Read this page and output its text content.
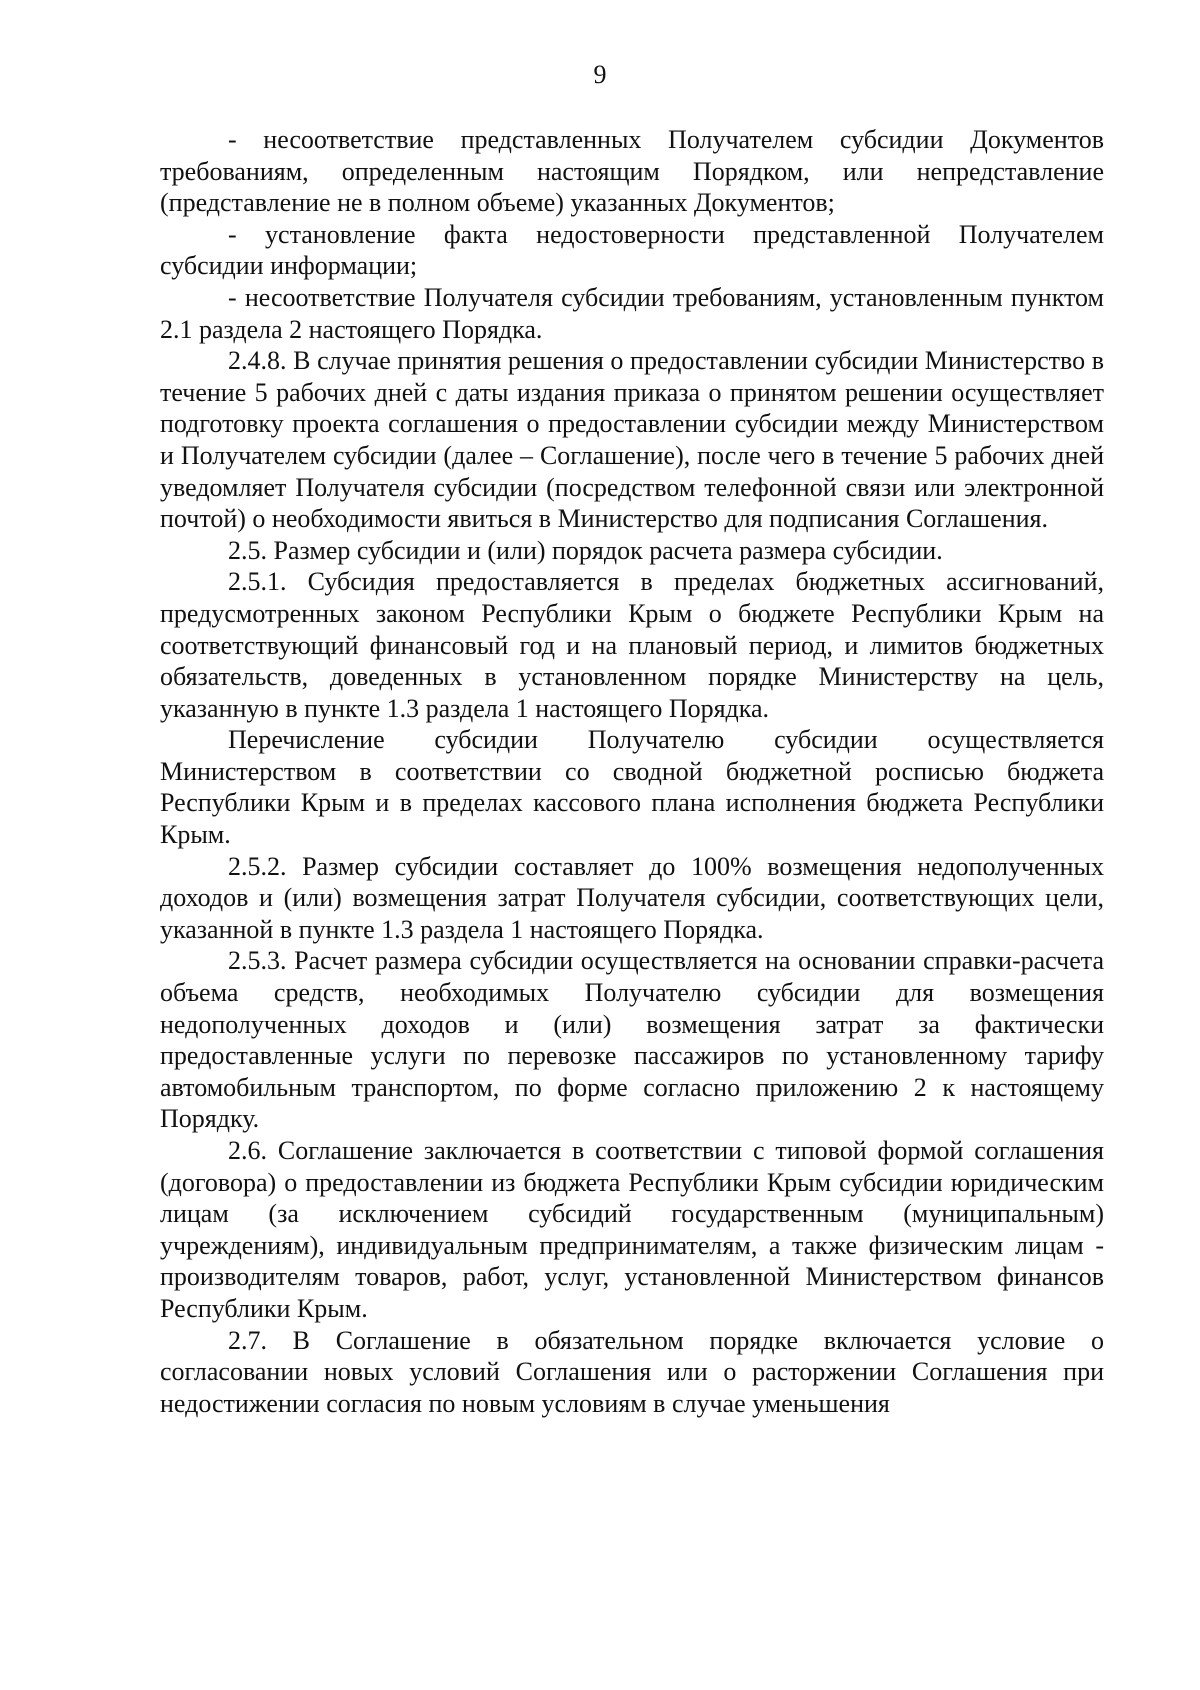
9

- несоответствие представленных Получателем субсидии Документов требованиям, определенным настоящим Порядком, или непредставление (представление не в полном объеме) указанных Документов;

- установление факта недостоверности представленной Получателем субсидии информации;

- несоответствие Получателя субсидии требованиям, установленным пунктом 2.1 раздела 2 настоящего Порядка.

2.4.8. В случае принятия решения о предоставлении субсидии Министерство в течение 5 рабочих дней с даты издания приказа о принятом решении осуществляет подготовку проекта соглашения о предоставлении субсидии между Министерством и Получателем субсидии (далее – Соглашение), после чего в течение 5 рабочих дней уведомляет Получателя субсидии (посредством телефонной связи или электронной почтой) о необходимости явиться в Министерство для подписания Соглашения.

2.5. Размер субсидии и (или) порядок расчета размера субсидии.

2.5.1. Субсидия предоставляется в пределах бюджетных ассигнований, предусмотренных законом Республики Крым о бюджете Республики Крым на соответствующий финансовый год и на плановый период, и лимитов бюджетных обязательств, доведенных в установленном порядке Министерству на цель, указанную в пункте 1.3 раздела 1 настоящего Порядка.

Перечисление субсидии Получателю субсидии осуществляется Министерством в соответствии со сводной бюджетной росписью бюджета Республики Крым и в пределах кассового плана исполнения бюджета Республики Крым.

2.5.2. Размер субсидии составляет до 100% возмещения недополученных доходов и (или) возмещения затрат Получателя субсидии, соответствующих цели, указанной в пункте 1.3 раздела 1 настоящего Порядка.

2.5.3. Расчет размера субсидии осуществляется на основании справки-расчета объема средств, необходимых Получателю субсидии для возмещения недополученных доходов и (или) возмещения затрат за фактически предоставленные услуги по перевозке пассажиров по установленному тарифу автомобильным транспортом, по форме согласно приложению 2 к настоящему Порядку.

2.6. Соглашение заключается в соответствии с типовой формой соглашения (договора) о предоставлении из бюджета Республики Крым субсидии юридическим лицам (за исключением субсидий государственным (муниципальным) учреждениям), индивидуальным предпринимателям, а также физическим лицам - производителям товаров, работ, услуг, установленной Министерством финансов Республики Крым.

2.7. В Соглашение в обязательном порядке включается условие о согласовании новых условий Соглашения или о расторжении Соглашения при недостижении согласия по новым условиям в случае уменьшения
